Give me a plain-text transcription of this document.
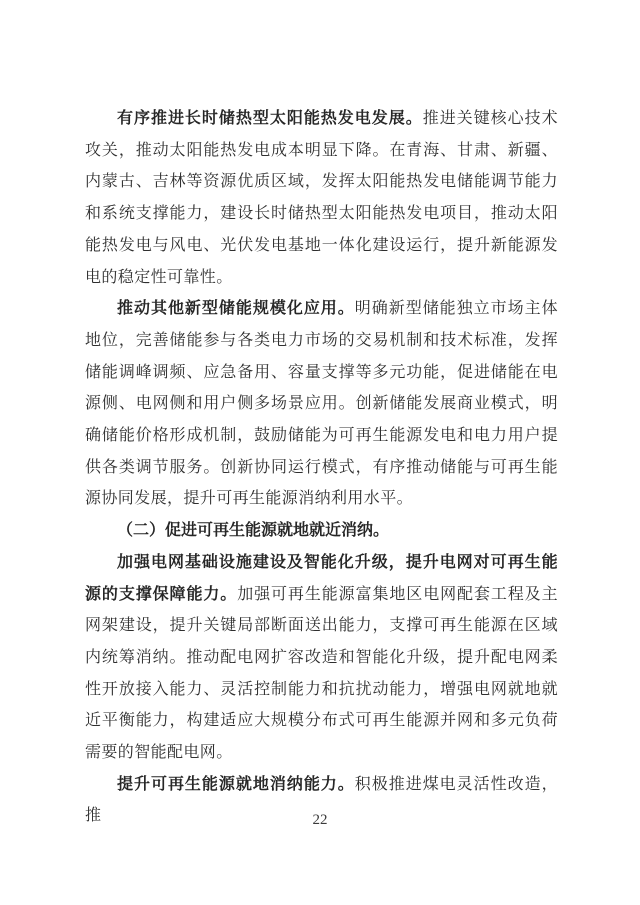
有序推进长时储热型太阳能热发电发展。推进关键核心技术攻关，推动太阳能热发电成本明显下降。在青海、甘肃、新疆、内蒙古、吉林等资源优质区域，发挥太阳能热发电储能调节能力和系统支撑能力，建设长时储热型太阳能热发电项目，推动太阳能热发电与风电、光伏发电基地一体化建设运行，提升新能源发电的稳定性可靠性。

推动其他新型储能规模化应用。明确新型储能独立市场主体地位，完善储能参与各类电力市场的交易机制和技术标准，发挥储能调峰调频、应急备用、容量支撑等多元功能，促进储能在电源侧、电网侧和用户侧多场景应用。创新储能发展商业模式，明确储能价格形成机制，鼓励储能为可再生能源发电和电力用户提供各类调节服务。创新协同运行模式，有序推动储能与可再生能源协同发展，提升可再生能源消纳利用水平。

（二）促进可再生能源就地就近消纳。

加强电网基础设施建设及智能化升级，提升电网对可再生能源的支撑保障能力。加强可再生能源富集地区电网配套工程及主网架建设，提升关键局部断面送出能力，支撑可再生能源在区域内统筹消纳。推动配电网扩容改造和智能化升级，提升配电网柔性开放接入能力、灵活控制能力和抗扰动能力，增强电网就地就近平衡能力，构建适应大规模分布式可再生能源并网和多元负荷需要的智能配电网。

提升可再生能源就地消纳能力。积极推进煤电灵活性改造，推	22
